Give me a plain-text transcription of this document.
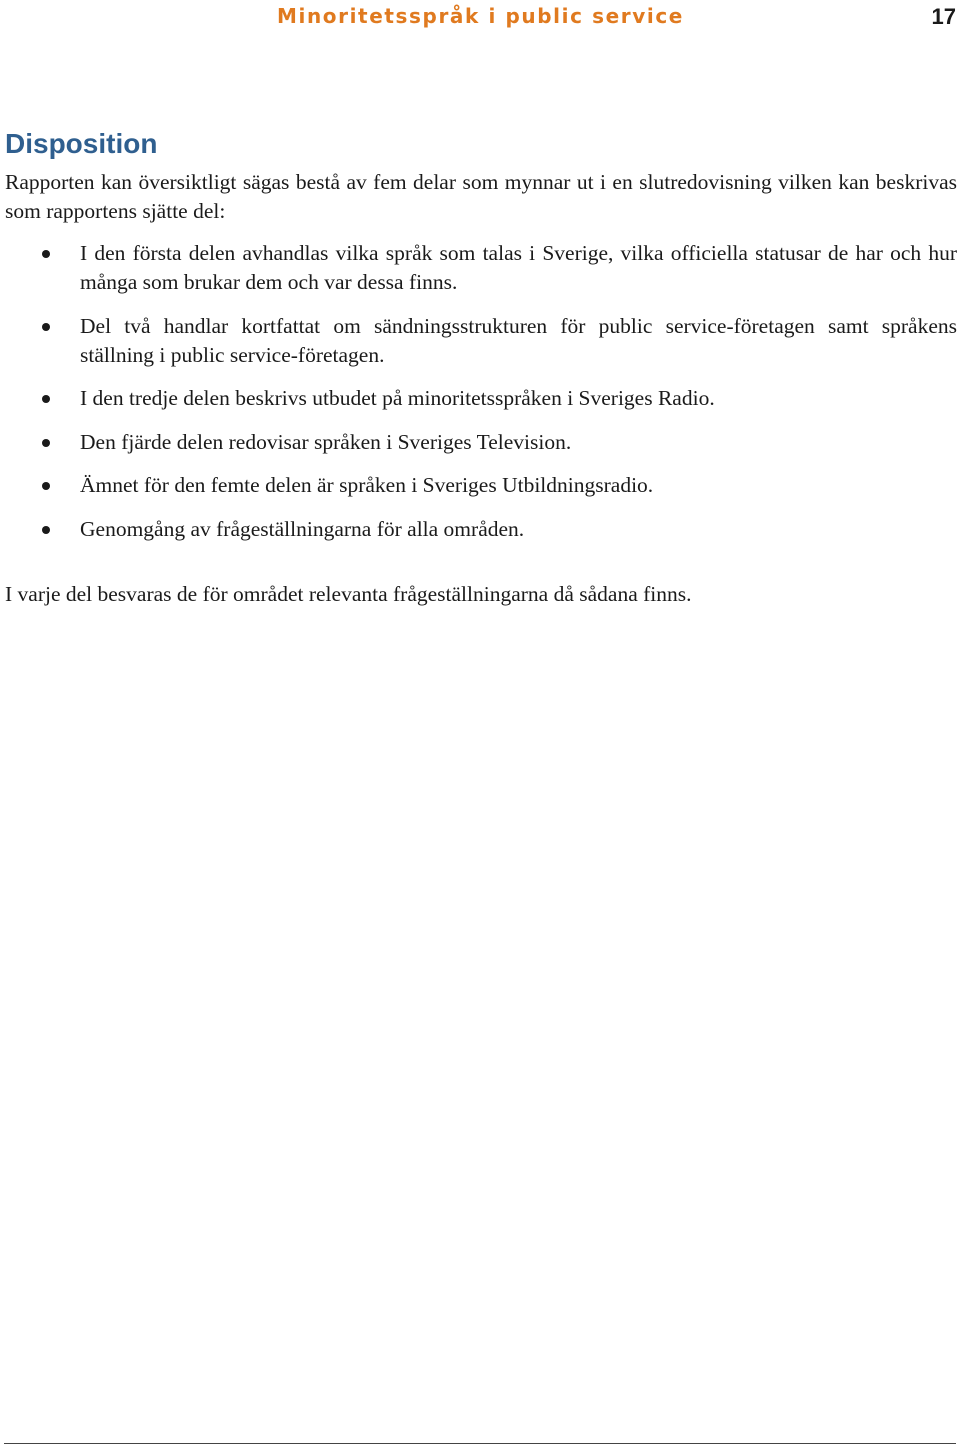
Minoritetsspråk i public service	17
Disposition

Rapporten kan översiktligt sägas bestå av fem delar som mynnar ut i en slutredovisning vilken kan beskrivas som rapportens sjätte del:

I den första delen avhandlas vilka språk som talas i Sverige, vilka officiella statusar de har och hur många som brukar dem och var dessa finns.
Del två handlar kortfattat om sändningsstrukturen för public service-företagen samt språkens ställning i public service-företagen.
I den tredje delen beskrivs utbudet på minoritetsspråken i Sveriges Radio.
Den fjärde delen redovisar språken i Sveriges Television.
Ämnet för den femte delen är språken i Sveriges Utbildningsradio.
Genomgång av frågeställningarna för alla områden.

I varje del besvaras de för området relevanta frågeställningarna då sådana finns.
